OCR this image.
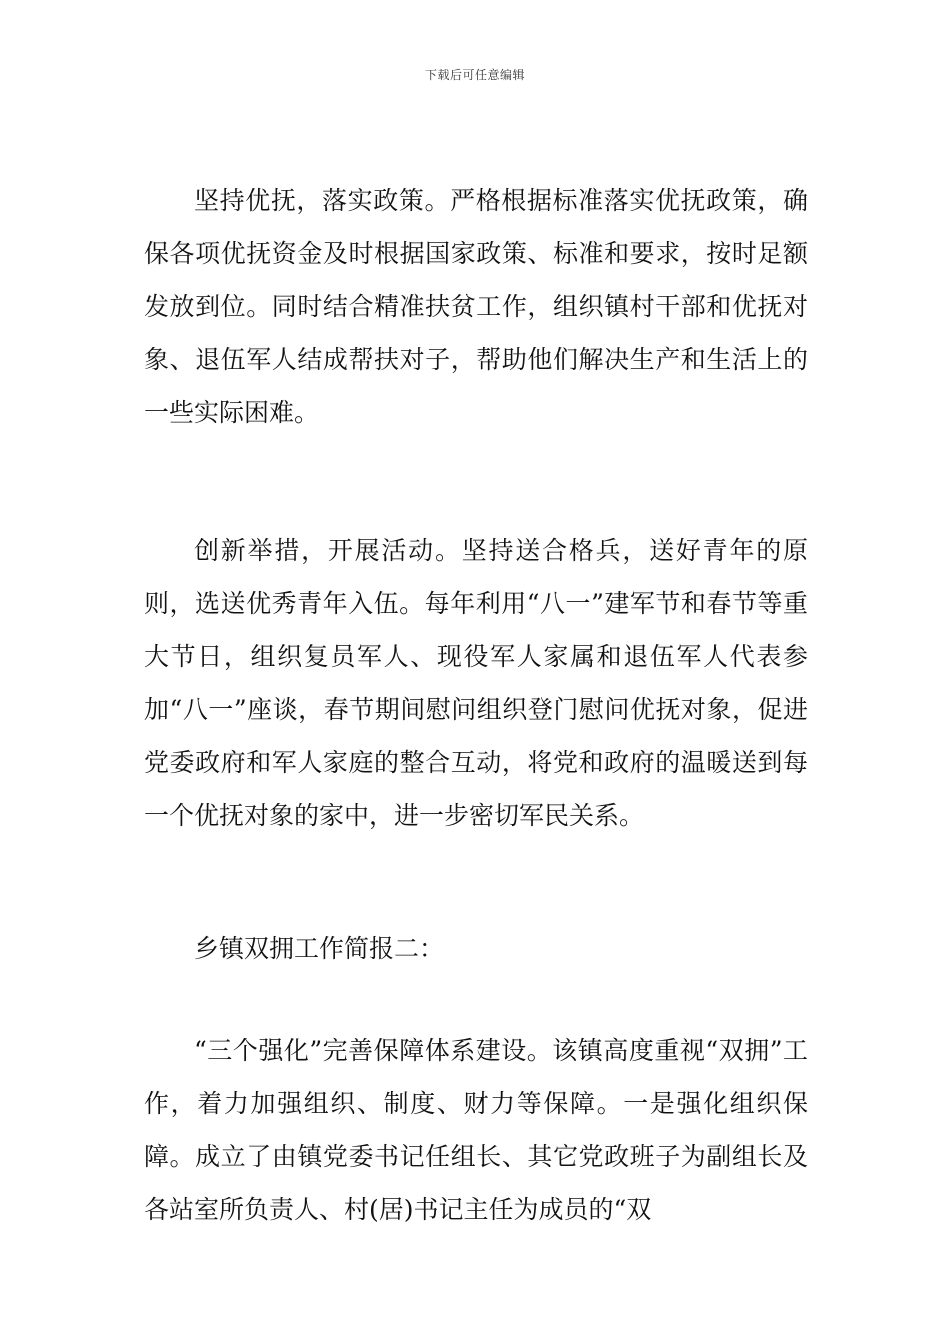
下载后可任意编辑

坚持优抚，落实政策。严格根据标准落实优抚政策，确保各项优抚资金及时根据国家政策、标准和要求，按时足额发放到位。同时结合精准扶贫工作，组织镇村干部和优抚对象、退伍军人结成帮扶对子，帮助他们解决生产和生活上的一些实际困难。

创新举措，开展活动。坚持送合格兵，送好青年的原则，选送优秀青年入伍。每年利用“八一”建军节和春节等重大节日，组织复员军人、现役军人家属和退伍军人代表参加“八一”座谈，春节期间慰问组织登门慰问优抚对象，促进党委政府和军人家庭的整合互动，将党和政府的温暖送到每一个优抚对象的家中，进一步密切军民关系。

乡镇双拥工作简报二：

“三个强化”完善保障体系建设。该镇高度重视“双拥”工作，着力加强组织、制度、财力等保障。一是强化组织保障。成立了由镇党委书记任组长、其它党政班子为副组长及各站室所负责人、村(居)书记主任为成员的“双
